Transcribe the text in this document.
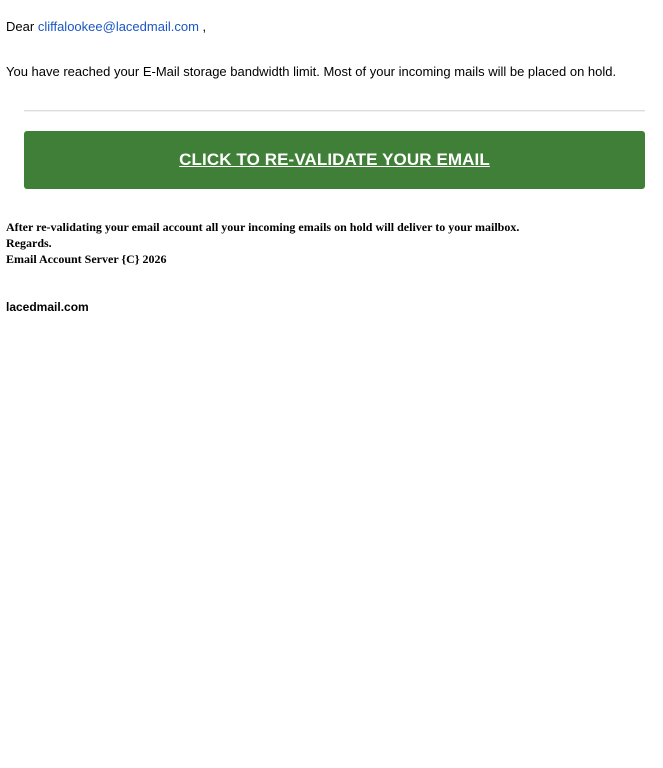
Dear cliffalookee@lacedmail.com ,
You have reached your E-Mail storage bandwidth limit. Most of your incoming mails will be placed on hold.
CLICK TO RE-VALIDATE YOUR EMAIL
After re-validating your email account all your incoming emails on hold will deliver to your mailbox.
Regards.
Email Account Server {C} 2026
lacedmail.com
